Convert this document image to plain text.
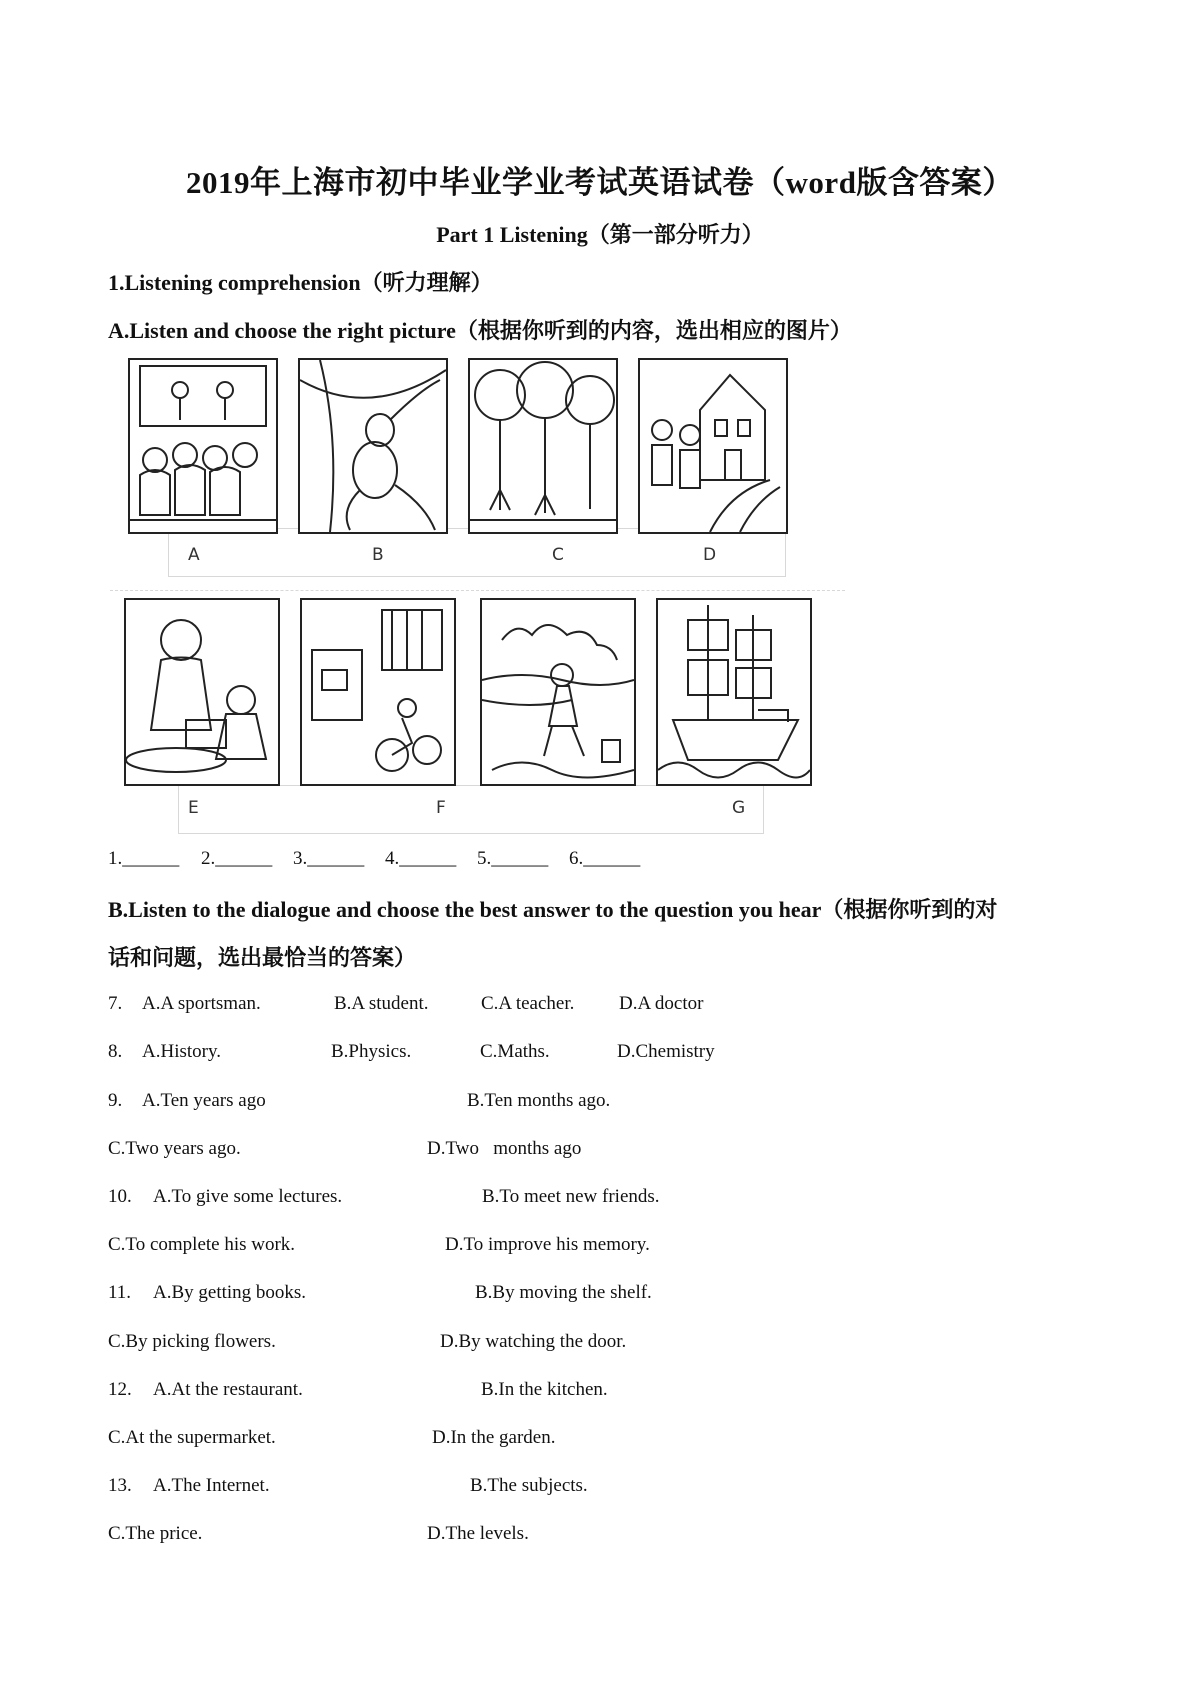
2019年上海市初中毕业学业考试英语试卷（word版含答案）
Part 1 Listening（第一部分听力）
1.Listening comprehension（听力理解）
A.Listen and choose the right picture（根据你听到的内容，选出相应的图片）
A	B	C	D
E	F	G
1.______ 2.______ 3.______ 4.______ 5.______ 6.______
B.Listen to the dialogue and choose the best answer to the question you hear（根据你听到的对
话和问题，选出最恰当的答案）
7. A.A sportsman.	B.A student.	C.A teacher. D.A doctor
8. A.History.	B.Physics.	C.Maths.	D.Chemistry
9. A.Ten years ago	B.Ten months ago.
C.Two years ago.	D.Two   months ago
10. A.To give some lectures.	B.To meet new friends.
C.To complete his work.	D.To improve his memory.
11. A.By getting books.	B.By moving the shelf.
C.By picking flowers.	D.By watching the door.
12. A.At the restaurant.	B.In the kitchen.
C.At the supermarket.	D.In the garden.
13. A.The Internet.	B.The subjects.
C.The price.	D.The levels.
